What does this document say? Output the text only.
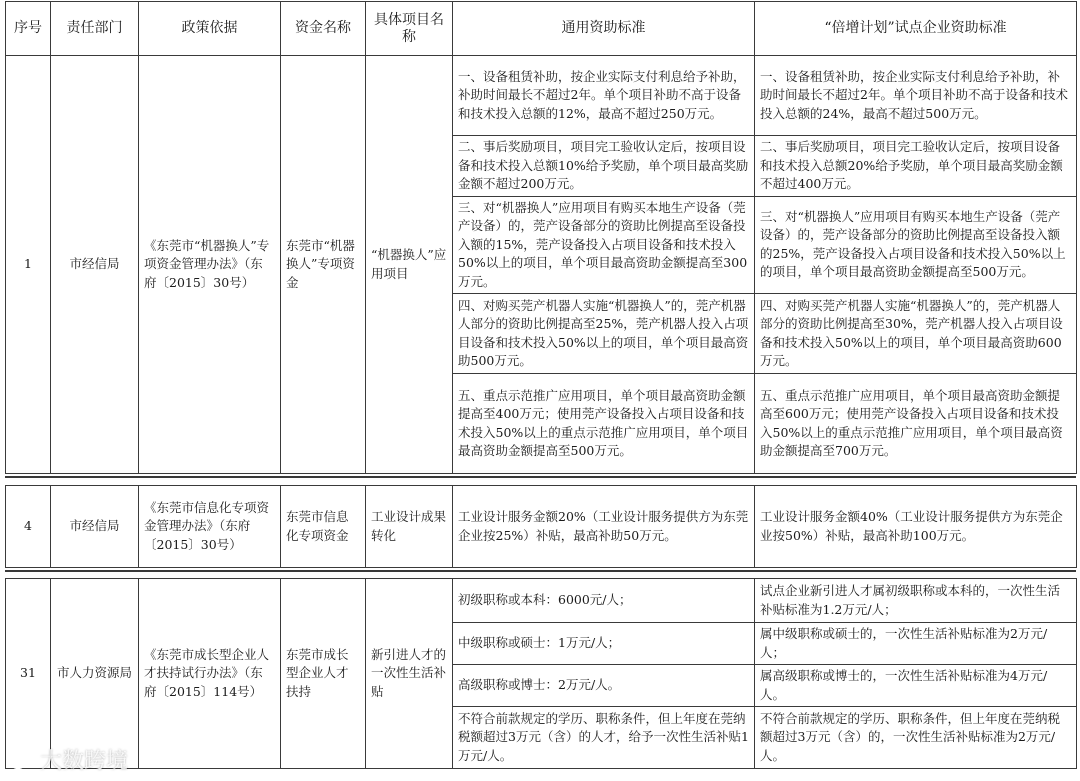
序号	责任部门	政策依据	资金名称	具体项目名称	通用资助标准	“倍增计划”试点企业资助标准
1	市经信局	《东莞市“机器换人”专项资金管理办法》（东府〔2015〕30号）	东莞市“机器换人”专项资金	“机器换人”应用项目	一、设备租赁补助，按企业实际支付利息给予补助，补助时间最长不超过2年。单个项目补助不高于设备和技术投入总额的12%，最高不超过250万元。	一、设备租赁补助，按企业实际支付利息给予补助，补助时间最长不超过2年。单个项目补助不高于设备和技术投入总额的24%，最高不超过500万元。
					二、事后奖励项目，项目完工验收认定后，按项目设备和技术投入总额10%给予奖励，单个项目最高奖励金额不超过200万元。	二、事后奖励项目，项目完工验收认定后，按项目设备和技术投入总额20%给予奖励，单个项目最高奖励金额不超过400万元。
					三、对“机器换人”应用项目有购买本地生产设备（莞产设备）的，莞产设备部分的资助比例提高至设备投入额的15%，莞产设备投入占项目设备和技术投入50%以上的项目，单个项目最高资助金额提高至300万元。	三、对“机器换人”应用项目有购买本地生产设备（莞产设备）的，莞产设备部分的资助比例提高至设备投入额的25%，莞产设备投入占项目设备和技术投入50%以上的项目，单个项目最高资助金额提高至500万元。
					四、对购买莞产机器人实施“机器换人”的，莞产机器人部分的资助比例提高至25%，莞产机器人投入占项目设备和技术投入50%以上的项目，单个项目最高资助500万元。	四、对购买莞产机器人实施“机器换人”的，莞产机器人部分的资助比例提高至30%，莞产机器人投入占项目设备和技术投入50%以上的项目，单个项目最高资助600万元。
					五、重点示范推广应用项目，单个项目最高资助金额提高至400万元；使用莞产设备投入占项目设备和技术投入50%以上的重点示范推广应用项目，单个项目最高资助金额提高至500万元。	五、重点示范推广应用项目，单个项目最高资助金额提高至600万元；使用莞产设备投入占项目设备和技术投入50%以上的重点示范推广应用项目，单个项目最高资助金额提高至700万元。
4	市经信局	《东莞市信息化专项资金管理办法》（东府〔2015〕30号）	东莞市信息化专项资金	工业设计成果转化	工业设计服务金额20%（工业设计服务提供方为东莞企业按25%）补贴，最高补助50万元。	工业设计服务金额40%（工业设计服务提供方为东莞企业按50%）补贴，最高补助100万元。
31	市人力资源局	《东莞市成长型企业人才扶持试行办法》（东府〔2015〕114号）	东莞市成长型企业人才扶持	新引进人才的一次性生活补贴	初级职称或本科：6000元/人；	试点企业新引进人才属初级职称或本科的，一次性生活补贴标准为1.2万元/人；
					中级职称或硕士：1万元/人；	属中级职称或硕士的，一次性生活补贴标准为2万元/人；
					高级职称或博士：2万元/人。	属高级职称或博士的，一次性生活补贴标准为4万元/人。
					不符合前款规定的学历、职称条件，但上年度在莞纳税额超过3万元（含）的人才，给予一次性生活补贴1万元/人。	不符合前款规定的学历、职称条件，但上年度在莞纳税额超过3万元（含）的，一次性生活补贴标准为2万元/人。
大数跨境
